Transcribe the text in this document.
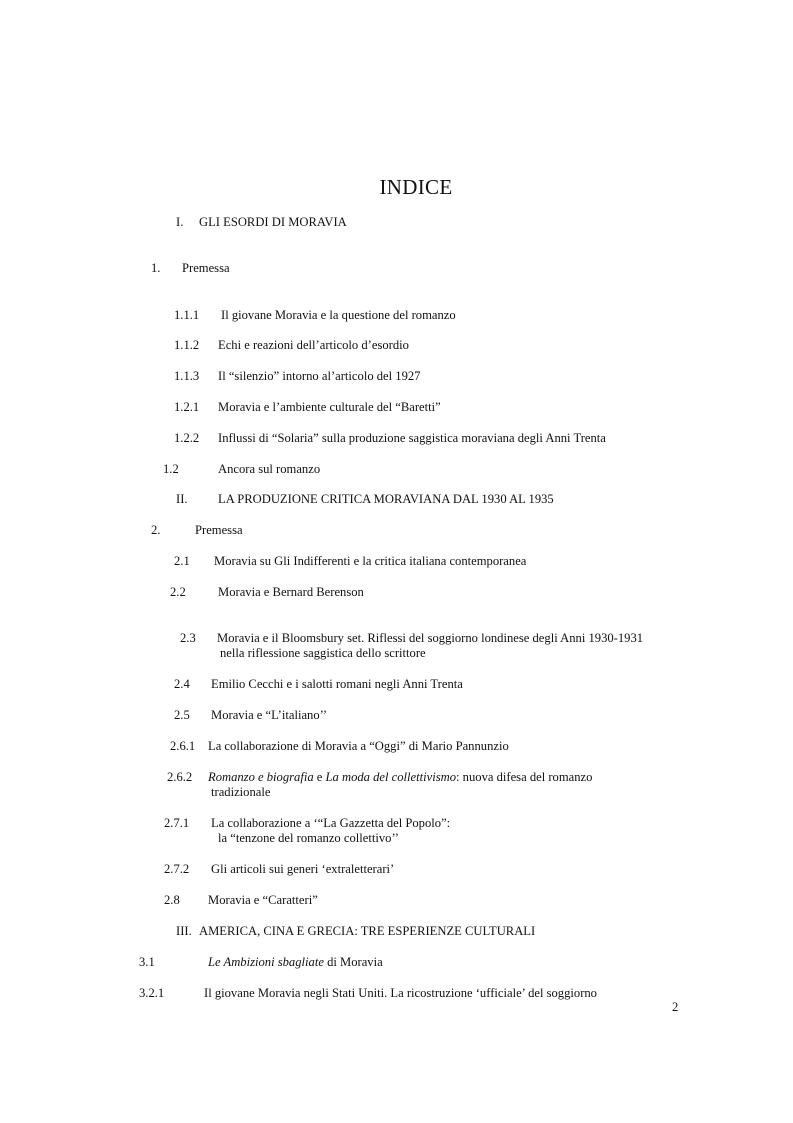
INDICE
I. GLI ESORDI DI MORAVIA
1. Premessa
1.1.1 Il giovane Moravia e la questione del romanzo
1.1.2 Echi e reazioni dell’articolo d’esordio
1.1.3 Il “silenzio” intorno al’articolo del 1927
1.2.1 Moravia e l’ambiente culturale del “Baretti”
1.2.2 Influssi di “Solaria” sulla produzione saggistica moraviana degli Anni Trenta
1.2	Ancora sul romanzo
II. LA PRODUZIONE CRITICA MORAVIANA DAL 1930 AL 1935
2.	Premessa
2.1 Moravia su Gli Indifferenti e la critica italiana contemporanea
2.2	Moravia e Bernard Berenson
2.3 Moravia e il Bloomsbury set. Riflessi del soggiorno londinese degli Anni 1930-1931
nella riflessione saggistica dello scrittore
2.4 Emilio Cecchi e i salotti romani negli Anni Trenta
2.5 Moravia e “L’italiano’’
2.6.1 La collaborazione di Moravia a “Oggi” di Mario Pannunzio
2.6.2 Romanzo e biografia e La moda del collettivismo: nuova difesa del romanzo
tradizionale
2.7.1 La collaborazione a ‘“La Gazzetta del Popolo”:
la “tenzone del romanzo collettivo’’
2.7.2 Gli articoli sui generi ‘extraletterari’
2.8 Moravia e “Caratteri”
III. AMERICA, CINA E GRECIA: TRE ESPERIENZE CULTURALI
3.1	Le Ambizioni sbagliate di Moravia
3.2.1	Il giovane Moravia negli Stati Uniti. La ricostruzione ‘ufficiale’ del soggiorno
2
